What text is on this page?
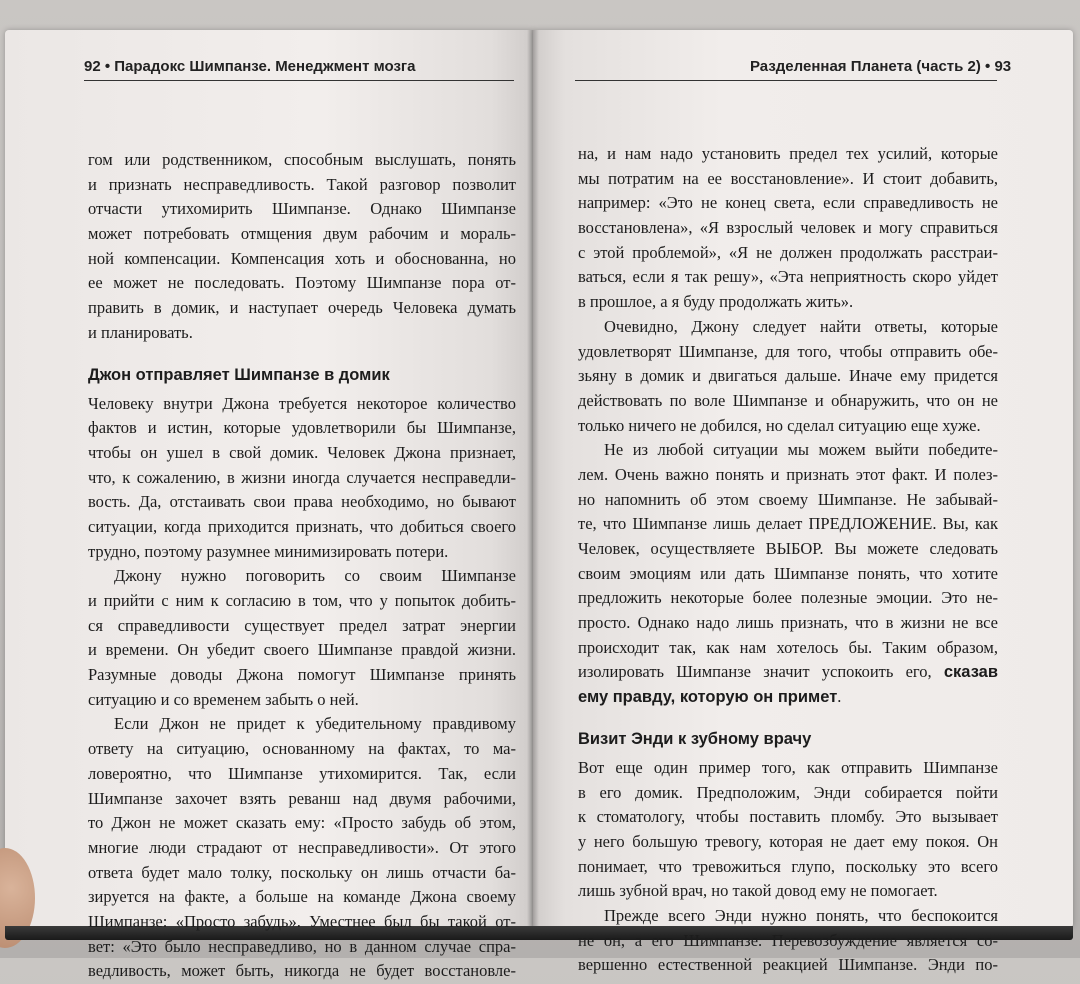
92 • Парадокс Шимпанзе. Менеджмент мозга	Разделенная Планета (часть 2) • 93
гом или родственником, способным выслушать, понять
и признать несправедливость. Такой разговор позволит
отчасти утихомирить Шимпанзе. Однако Шимпанзе
может потребовать отмщения двум рабочим и мораль-
ной компенсации. Компенсация хоть и обоснованна, но
ее может не последовать. Поэтому Шимпанзе пора от-
править в домик, и наступает очередь Человека думать
и планировать.
Джон отправляет Шимпанзе в домик
Человеку внутри Джона требуется некоторое количество
фактов и истин, которые удовлетворили бы Шимпанзе,
чтобы он ушел в свой домик. Человек Джона признает,
что, к сожалению, в жизни иногда случается несправедли-
вость. Да, отстаивать свои права необходимо, но бывают
ситуации, когда приходится признать, что добиться своего
трудно, поэтому разумнее минимизировать потери.
Джону нужно поговорить со своим Шимпанзе
и прийти с ним к согласию в том, что у попыток добить-
ся справедливости существует предел затрат энергии
и времени. Он убедит своего Шимпанзе правдой жизни.
Разумные доводы Джона помогут Шимпанзе принять
ситуацию и со временем забыть о ней.
Если Джон не придет к убедительному правдивому
ответу на ситуацию, основанному на фактах, то ма-
ловероятно, что Шимпанзе утихомирится. Так, если
Шимпанзе захочет взять реванш над двумя рабочими,
то Джон не может сказать ему: «Просто забудь об этом,
многие люди страдают от несправедливости». От этого
ответа будет мало толку, поскольку он лишь отчасти ба-
зируется на факте, а больше на команде Джона своему
Шимпанзе: «Просто забудь». Уместнее был бы такой от-
вет: «Это было несправедливо, но в данном случае спра-
ведливость, может быть, никогда не будет восстановле-
на, и нам надо установить предел тех усилий, которые
мы потратим на ее восстановление». И стоит добавить,
например: «Это не конец света, если справедливость не
восстановлена», «Я взрослый человек и могу справиться
с этой проблемой», «Я не должен продолжать расстраи-
ваться, если я так решу», «Эта неприятность скоро уйдет
в прошлое, а я буду продолжать жить».
Очевидно, Джону следует найти ответы, которые
удовлетворят Шимпанзе, для того, чтобы отправить обе-
зьяну в домик и двигаться дальше. Иначе ему придется
действовать по воле Шимпанзе и обнаружить, что он не
только ничего не добился, но сделал ситуацию еще хуже.
Не из любой ситуации мы можем выйти победите-
лем. Очень важно понять и признать этот факт. И полез-
но напомнить об этом своему Шимпанзе. Не забывай-
те, что Шимпанзе лишь делает ПРЕДЛОЖЕНИЕ. Вы, как
Человек, осуществляете ВЫБОР. Вы можете следовать
своим эмоциям или дать Шимпанзе понять, что хотите
предложить некоторые более полезные эмоции. Это не-
просто. Однако надо лишь признать, что в жизни не все
происходит так, как нам хотелось бы. Таким образом,
изолировать Шимпанзе значит успокоить его, сказав
ему правду, которую он примет.
Визит Энди к зубному врачу
Вот еще один пример того, как отправить Шимпанзе
в его домик. Предположим, Энди собирается пойти
к стоматологу, чтобы поставить пломбу. Это вызывает
у него большую тревогу, которая не дает ему покоя. Он
понимает, что тревожиться глупо, поскольку это всего
лишь зубной врач, но такой довод ему не помогает.
Прежде всего Энди нужно понять, что беспокоится
не он, а его Шимпанзе. Перевозбуждение является со-
вершенно естественной реакцией Шимпанзе. Энди по-
